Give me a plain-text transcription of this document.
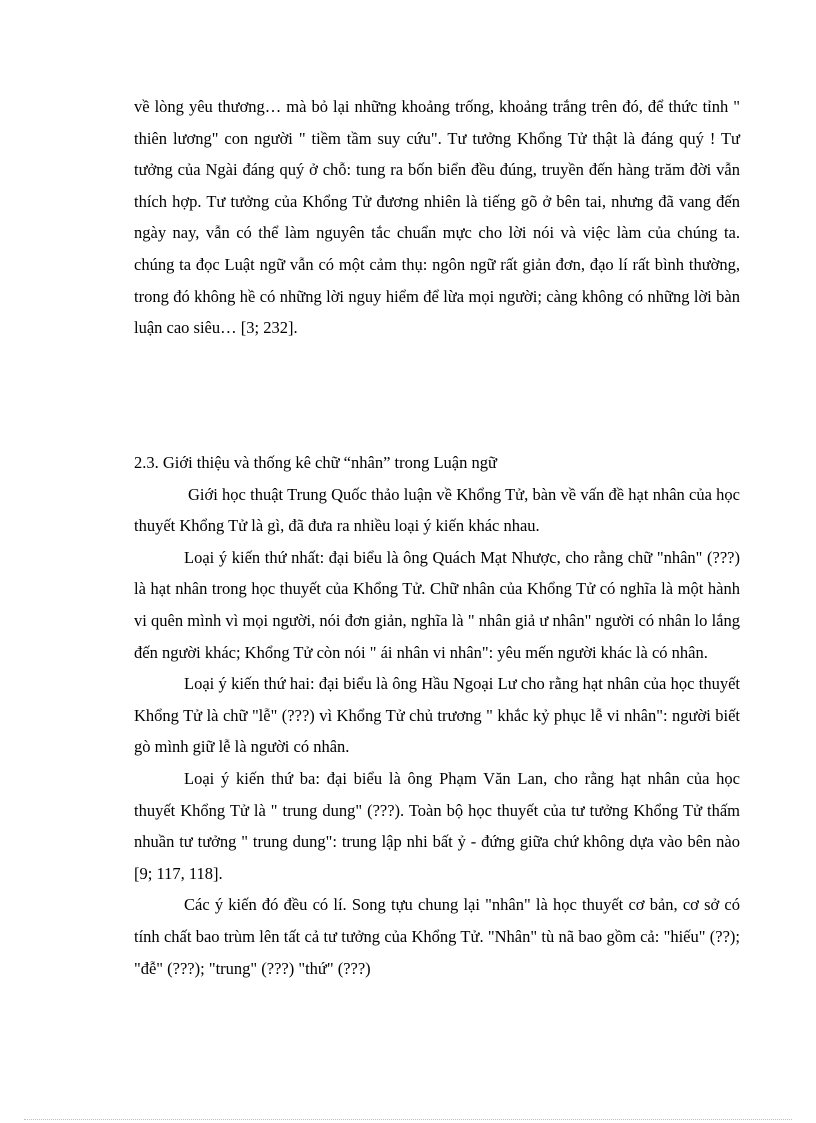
về lòng yêu thương… mà bỏ lại những khoảng trống, khoảng trắng trên đó, để thức tỉnh " thiên lương" con người " tiềm tầm suy cứu". Tư tưởng Khổng Tử thật là đáng quý ! Tư tưởng của Ngài đáng quý ở chỗ: tung ra bốn biển đều đúng, truyền đến hàng trăm đời vẫn thích hợp. Tư tưởng của Khổng Tử đương nhiên là tiếng gõ ở bên tai, nhưng đã vang đến ngày nay, vẫn có thể làm nguyên tắc chuẩn mực cho lời nói và việc làm của chúng ta. chúng ta đọc Luật ngữ vẫn có một cảm thụ: ngôn ngữ rất giản đơn, đạo lí rất bình thường, trong đó không hề có những lời nguy hiểm để lừa mọi người; càng không có những lời bàn luận cao siêu… [3; 232].

2.3. Giới thiệu và thống kê chữ “nhân” trong Luận ngữ

Giới học thuật Trung Quốc thảo luận về Khổng Tử, bàn về vấn đề hạt nhân của học thuyết Khổng Tử là gì, đã đưa ra nhiều loại ý kiến khác nhau.

Loại ý kiến thứ nhất: đại biểu là ông Quách Mạt Nhược, cho rằng chữ "nhân" (???) là hạt nhân trong học thuyết của Khổng Tử. Chữ nhân của Khổng Tử có nghĩa là một hành vi quên mình vì mọi người, nói đơn giản, nghĩa là " nhân giả ư nhân" người có nhân lo lắng đến người khác; Khổng Tử còn nói " ái nhân vi nhân": yêu mến người khác là có nhân.

Loại ý kiến thứ hai: đại biểu là ông Hầu Ngoại Lư cho rằng hạt nhân của học thuyết Khổng Tử là chữ "lễ" (???) vì Khổng Tử chủ trương " khắc kỷ phục lễ vi nhân": người biết gò mình giữ lễ là người có nhân.

Loại ý kiến thứ ba: đại biểu là ông Phạm Văn Lan, cho rằng hạt nhân của học thuyết Khổng Tử là " trung dung" (???). Toàn bộ học thuyết của tư tưởng Khổng Tử thấm nhuần tư tưởng " trung dung": trung lập nhi bất ỷ - đứng giữa chứ không dựa vào bên nào [9; 117, 118].

Các ý kiến đó đều có lí. Song tựu chung lại "nhân" là học thuyết cơ bản, cơ sở có tính chất bao trùm lên tất cả tư tưởng của Khổng Tử. "Nhân" tù nã bao gồm cả: "hiếu" (??); "đễ" (???); "trung" (???) "thứ" (???)
